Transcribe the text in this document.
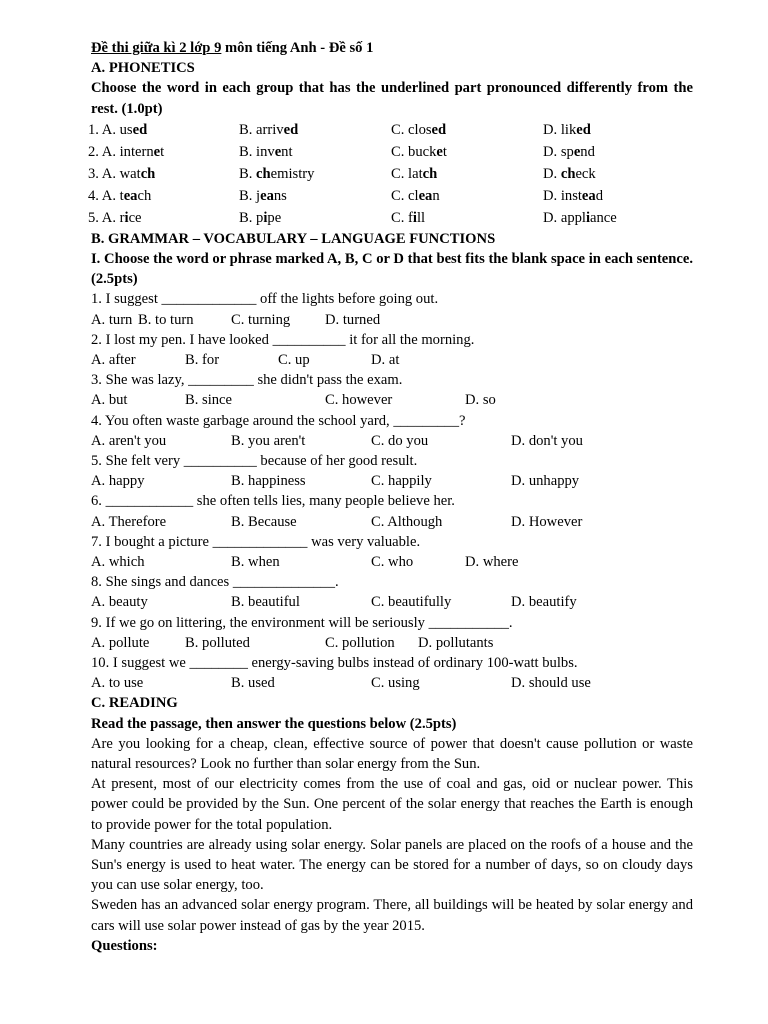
Đề thi giữa kì 2 lớp 9 môn tiếng Anh - Đề số 1
A. PHONETICS
Choose the word in each group that has the underlined part pronounced differently from the rest. (1.0pt)
1. A. used	B. arrived	C. closed	D. liked
2. A. internet	B. invent	C. bucket	D. spend
3. A. watch	B. chemistry	C. latch	D. check
4. A. teach	B. jeans	C. clean	D. instead
5. A. rice	B. pipe	C. fill	D. appliance
B. GRAMMAR – VOCABULARY – LANGUAGE FUNCTIONS
I. Choose the word or phrase marked A, B, C or D that best fits the blank space in each sentence. (2.5pts)
1. I suggest _____________ off the lights before going out.
A. turn B. to turn	C. turning D. turned
2. I lost my pen. I have looked __________ it for all the morning.
A. after	B. for	C. up	D. at
3. She was lazy, _________ she didn't pass the exam.
A. but	B. since	C. however	D. so
4. You often waste garbage around the school yard, _________?
A. aren't you	B. you aren't	C. do you	D. don't you
5. She felt very __________ because of her good result.
A. happy	B. happiness	C. happily	D. unhappy
6. ____________ she often tells lies, many people believe her.
A. Therefore	B. Because	C. Although	D. However
7. I bought a picture _____________ was very valuable.
A. which	B. when	C. who	D. where
8. She sings and dances ______________.
A. beauty	B. beautiful	C. beautifully	D. beautify
9. If we go on littering, the environment will be seriously ___________.
A. pollute B. polluted	C. pollution D. pollutants
10. I suggest we ________ energy-saving bulbs instead of ordinary 100-watt bulbs.
A. to use	B. used	C. using	D. should use
C. READING
Read the passage, then answer the questions below (2.5pts)
Are you looking for a cheap, clean, effective source of power that doesn't cause pollution or waste natural resources? Look no further than solar energy from the Sun.
At present, most of our electricity comes from the use of coal and gas, oid or nuclear power. This power could be provided by the Sun. One percent of the solar energy that reaches the Earth is enough to provide power for the total population.
Many countries are already using solar energy. Solar panels are placed on the roofs of a house and the Sun's energy is used to heat water. The energy can be stored for a number of days, so on cloudy days you can use solar energy, too.
Sweden has an advanced solar energy program. There, all buildings will be heated by solar energy and cars will use solar power instead of gas by the year 2015.
Questions:
